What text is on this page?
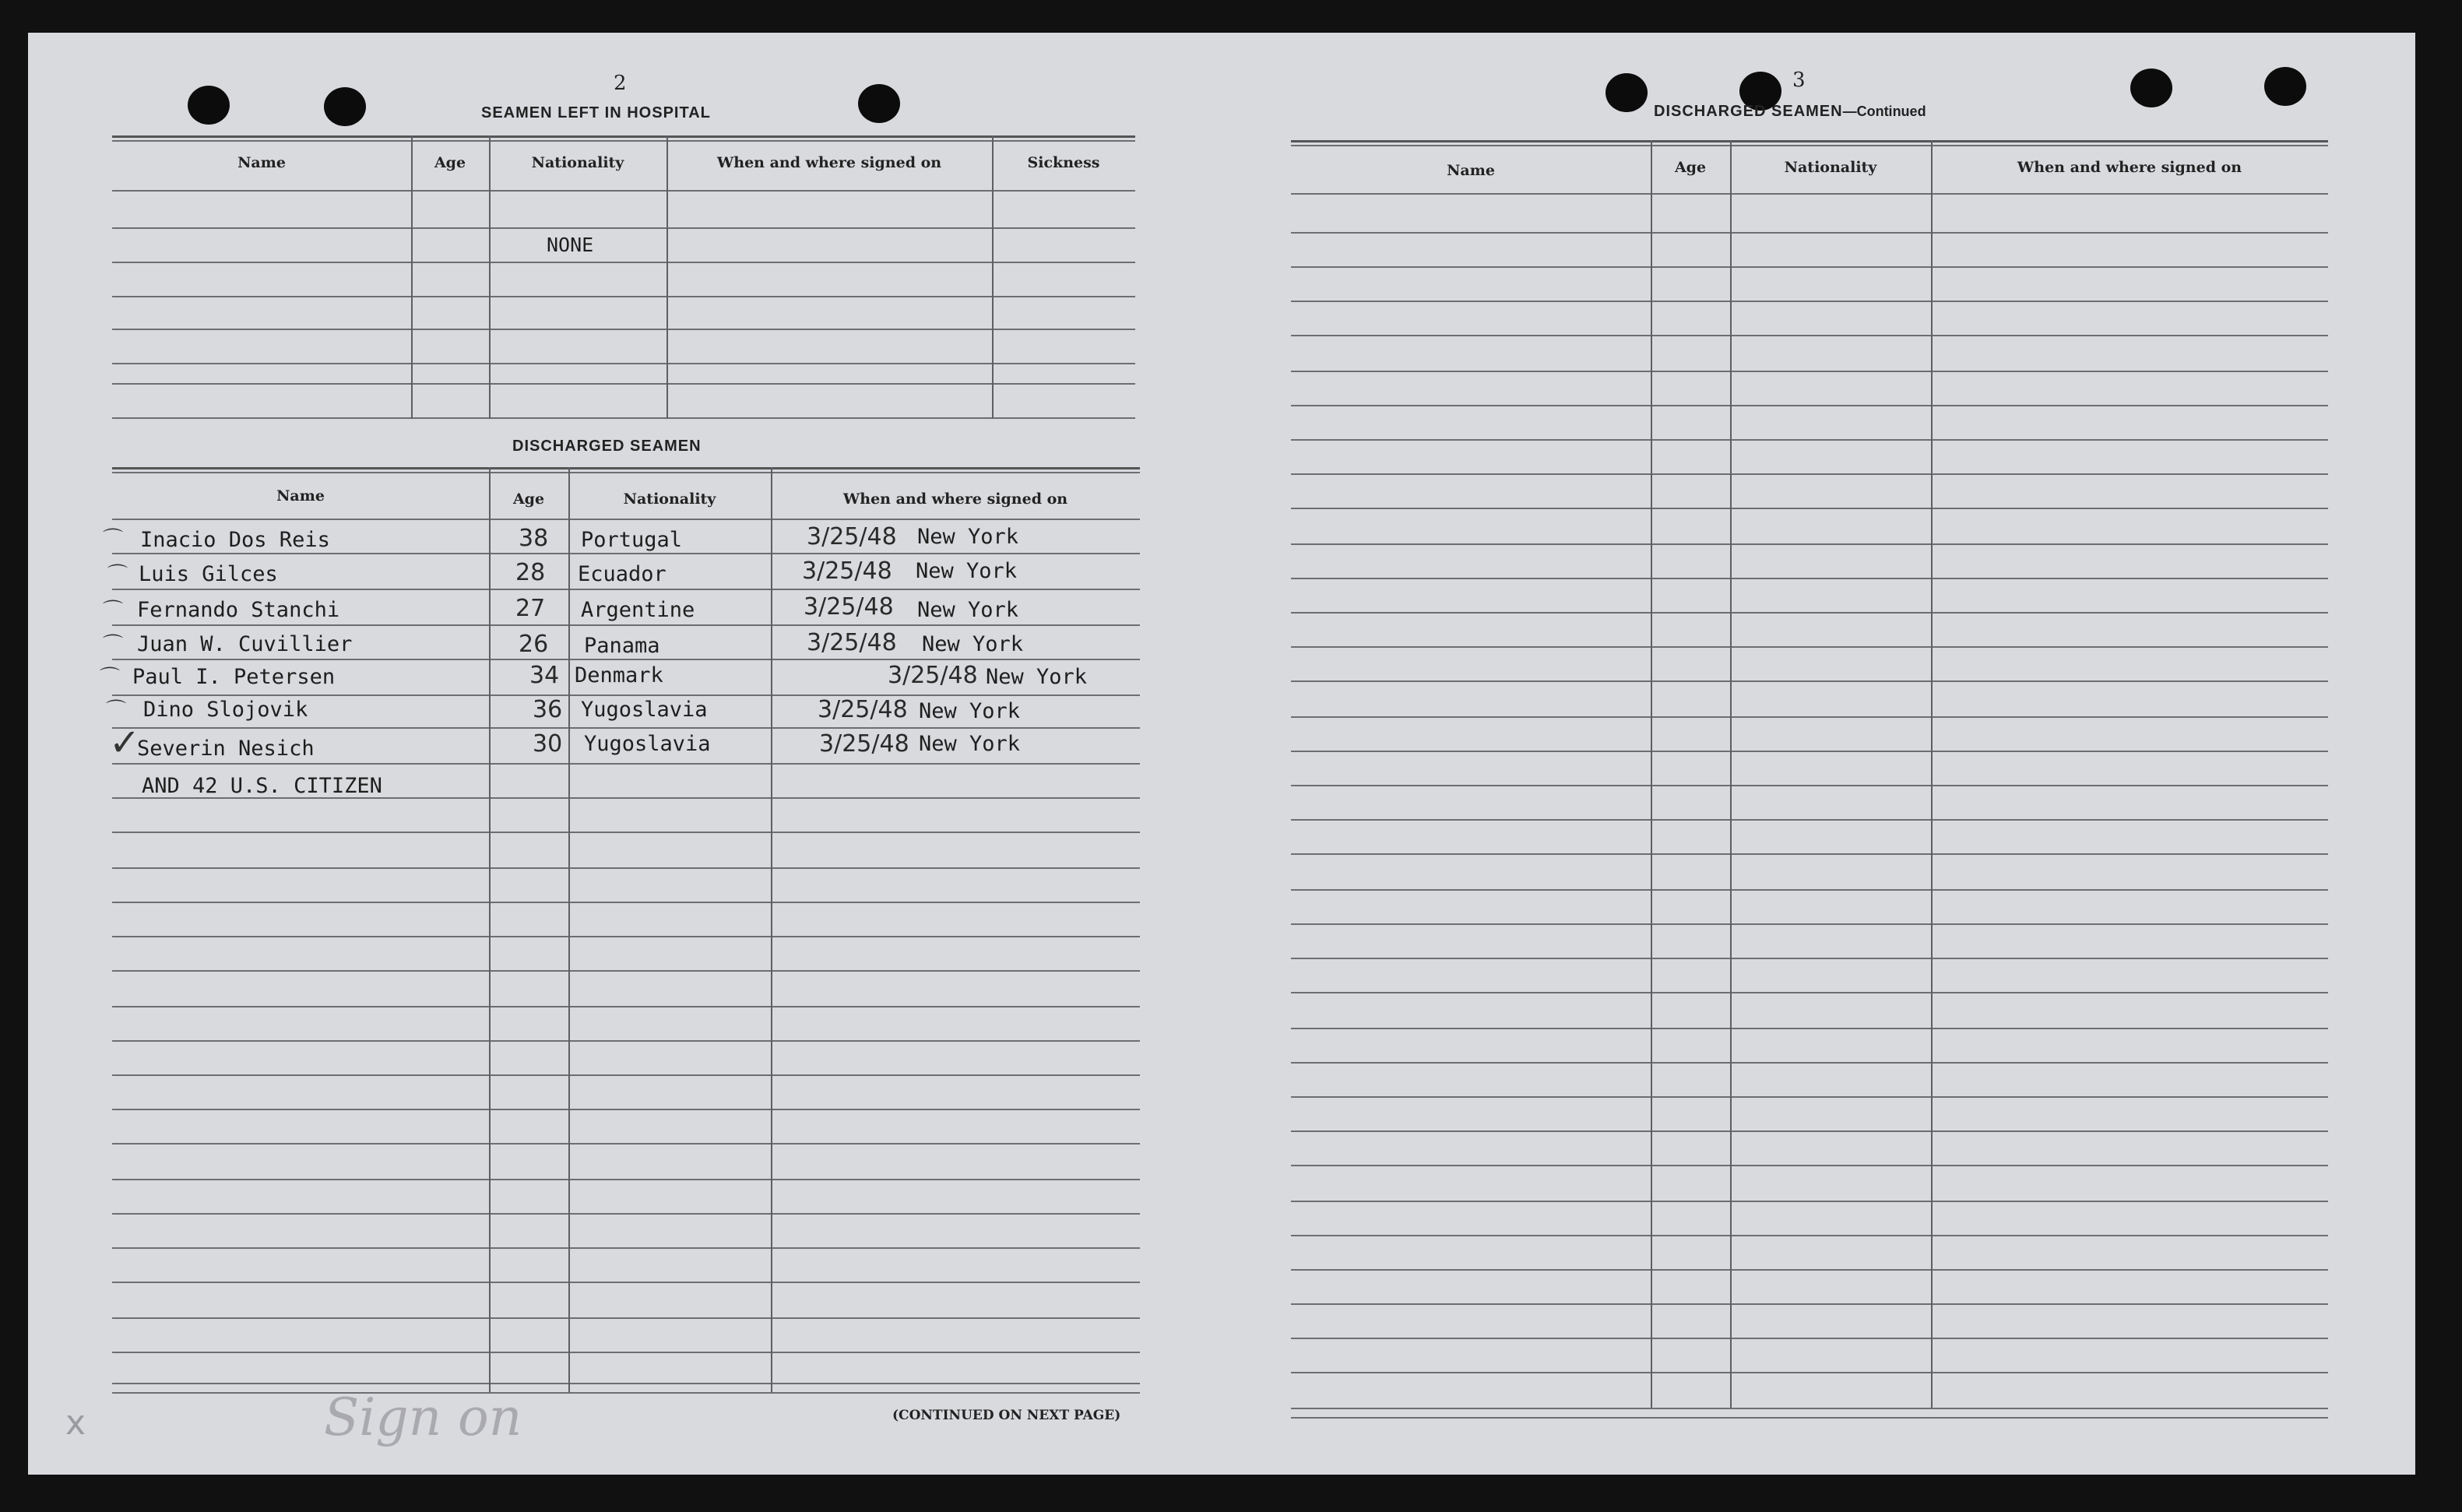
2
SEAMEN LEFT IN HOSPITAL
Name	Age	Nationality	When and where signed on	Sickness
NONE
DISCHARGED SEAMEN
Name	Age	Nationality	When and where signed on
Inacio Dos Reis	38 Portugal	3/25/48 New York
Luis Gilces	28 Ecuador	3/25/48 New York
Fernando Stanchi	27 Argentine	3/25/48 New York
Juan W. Cuvillier	26 Panama	3/25/48 New York
Paul I. Petersen	34 Denmark	3/25/48 New York
Dino Slojovik	36 Yugoslavia	3/25/48 New York
Severin Nesich	30 Yugoslavia	3/25/48 New York
AND 42 U.S. CITIZEN
✓
⌒
⌒
⌒
⌒
⌒
⌒
(CONTINUED ON NEXT PAGE)
Sign on
x
3
DISCHARGED SEAMEN—Continued
Name	Age	Nationality	When and where signed on
